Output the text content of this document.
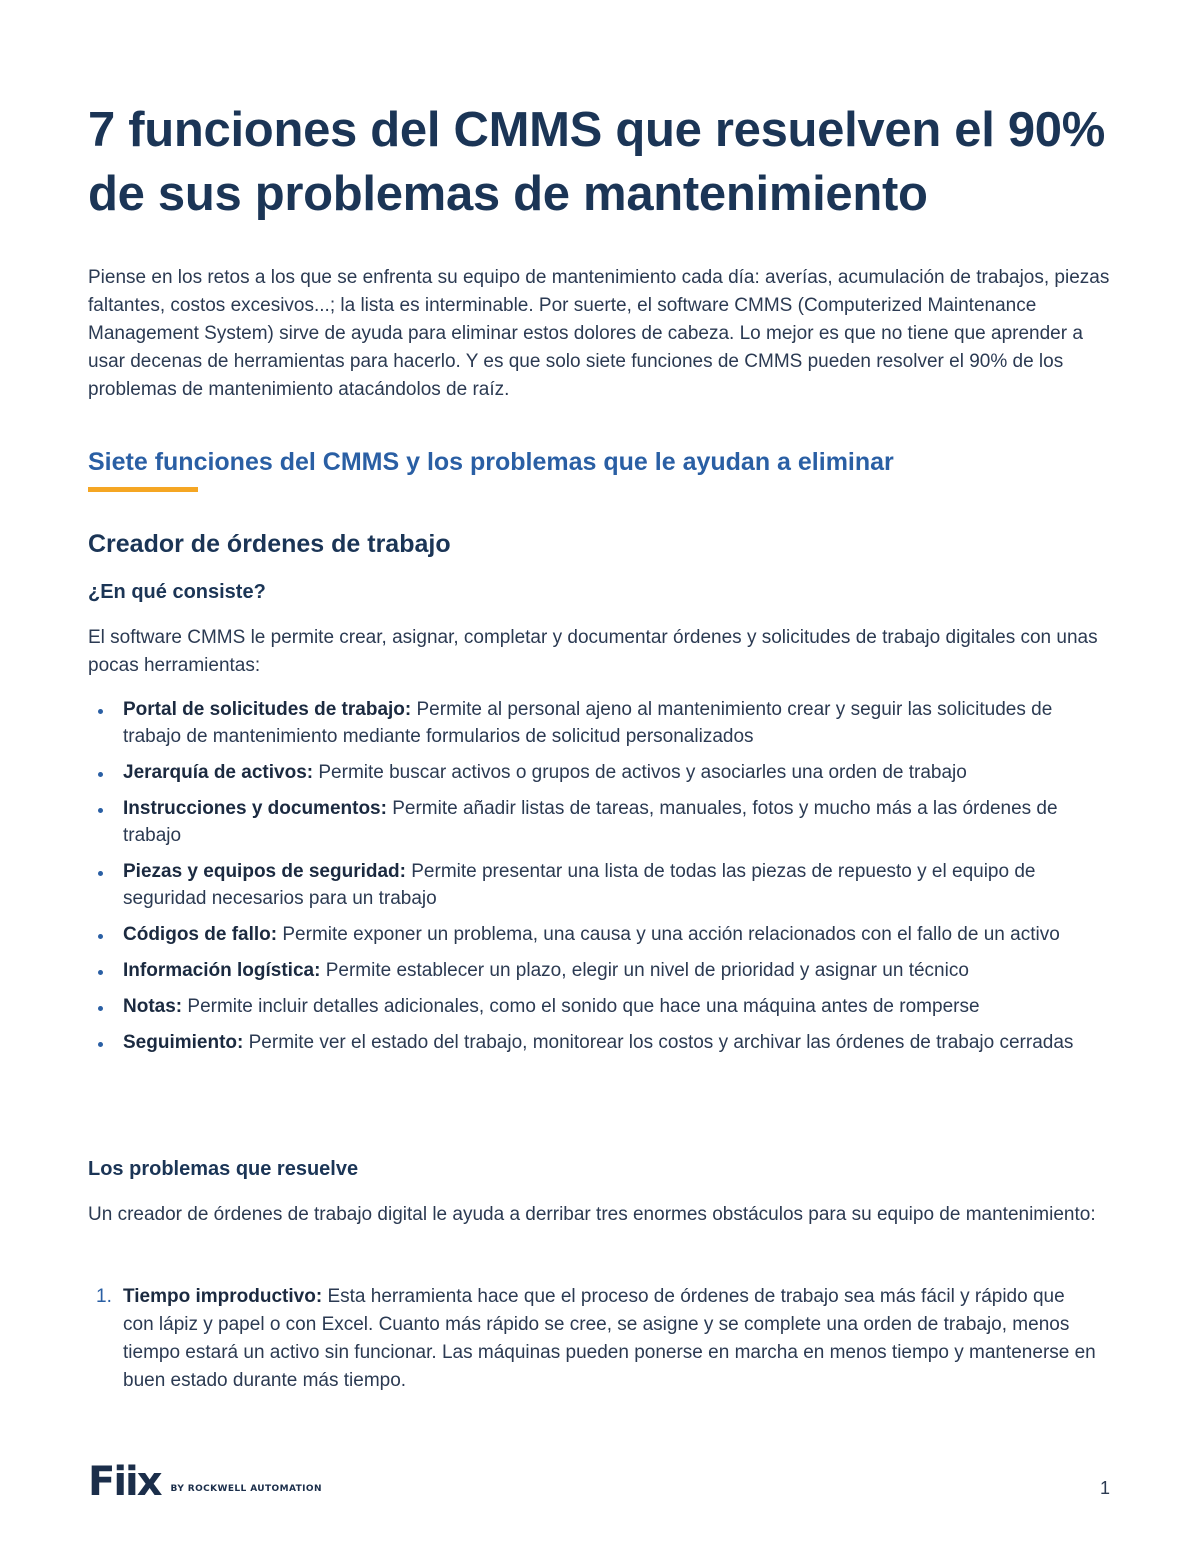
7 funciones del CMMS que resuelven el 90% de sus problemas de mantenimiento

Piense en los retos a los que se enfrenta su equipo de mantenimiento cada día: averías, acumulación de trabajos, piezas faltantes, costos excesivos...; la lista es interminable. Por suerte, el software CMMS (Computerized Maintenance Management System) sirve de ayuda para eliminar estos dolores de cabeza. Lo mejor es que no tiene que aprender a usar decenas de herramientas para hacerlo. Y es que solo siete funciones de CMMS pueden resolver el 90% de los problemas de mantenimiento atacándolos de raíz.

Siete funciones del CMMS y los problemas que le ayudan a eliminar
Creador de órdenes de trabajo
¿En qué consiste?

El software CMMS le permite crear, asignar, completar y documentar órdenes y solicitudes de trabajo digitales con unas pocas herramientas:

Portal de solicitudes de trabajo: Permite al personal ajeno al mantenimiento crear y seguir las solicitudes de trabajo de mantenimiento mediante formularios de solicitud personalizados
Jerarquía de activos: Permite buscar activos o grupos de activos y asociarles una orden de trabajo
Instrucciones y documentos: Permite añadir listas de tareas, manuales, fotos y mucho más a las órdenes de trabajo
Piezas y equipos de seguridad: Permite presentar una lista de todas las piezas de repuesto y el equipo de seguridad necesarios para un trabajo
Códigos de fallo: Permite exponer un problema, una causa y una acción relacionados con el fallo de un activo
Información logística: Permite establecer un plazo, elegir un nivel de prioridad y asignar un técnico
Notas: Permite incluir detalles adicionales, como el sonido que hace una máquina antes de romperse
Seguimiento: Permite ver el estado del trabajo, monitorear los costos y archivar las órdenes de trabajo cerradas
Los problemas que resuelve

Un creador de órdenes de trabajo digital le ayuda a derribar tres enormes obstáculos para su equipo de mantenimiento:

1. Tiempo improductivo: Esta herramienta hace que el proceso de órdenes de trabajo sea más fácil y rápido que con lápiz y papel o con Excel. Cuanto más rápido se cree, se asigne y se complete una orden de trabajo, menos tiempo estará un activo sin funcionar. Las máquinas pueden ponerse en marcha en menos tiempo y mantenerse en buen estado durante más tiempo.
Fiix BY ROCKWELL AUTOMATION	1
